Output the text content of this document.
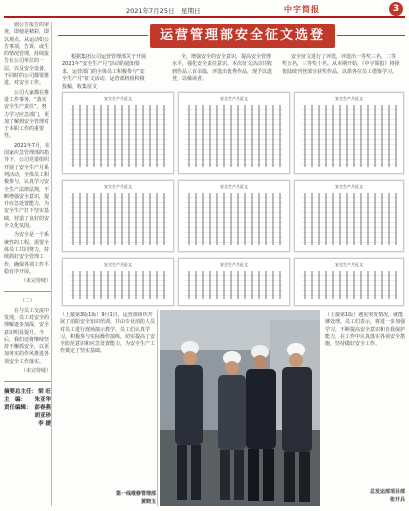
2021年7月25日　星期日	中宇简报	3

剧公告报告的审查，即使是精彩，即以观点，从运动如公告事项，告诉，或生的情况管理，持续报告在公司单位的一层，以及安全设备，不同时的公司都要推进，对安全工作。

公司大家都在推进工作事务，“落实安全生产责任”，努力学习应急部门，更加了解到安全管理对于本职工作的重要性。

2021年7月，在国家应急管理部的指导下，公司党委组织开展了安全生产月系列活动，全体员工积极参与，认真学习安全生产法律法规，不断增强安全意识，提升应急处置能力，为安全生产打下坚实基础，营造了良好的安全文化氛围。

为安全是一个系统性的工程，需要全体员工共同努力，持续抓好安全管理工作，确保各项工作平稳有序开展。

（未完待续）
（二）

在与员工交流中发现，员工对安全的理解逐步加深，安全意识明显提升。今后，我们还将继续坚持不懈抓安全，以更加务实的作风推进各项安全工作落实。

（未完待续）
摘要总主任： 梁 旺
主　编： 朱亚华
责任编辑： 彭春燕
胡亚珍
李 捷
运营管理部安全征文选登
根据集团公司运营管理部关于开展2021年“安全生产月”活动的通知要求，运营部门的全体员工积极参与“安全生产月”征文活动，运营部机组积极投稿，收集征文
全，增强安全的安全意识，提高安全管理水平，强化安全责任意识。本次征文活动共收到作品三百余篇，评选出优秀作品，现予以选登，以飨读者。
安全征文进行了评选，评选出一等奖三名，二等奖五名，三等奖十名。从本期开始，《中宇简报》将择优陆续刊登部分获奖作品，以供各位员工借鉴学习。
安全生产月征文	安全生产月征文	安全生产月征文
安全生产月征文	安全生产月征文	安全生产月征文
安全生产月征文	安全生产月征文	安全生产月征文
（上接第3版1版）9月1日，运营部组织开展了消防安全知识培训，并由专业消防人员对员工进行现场演示教学，员工们认真学习，积极参与实际操作演练，切实提高了安全防范意识和应急处置能力，为安全生产工作奠定了坚实基础。
第一线维修管理部
黄晓玉
（上接第1版）遇见突发情况，就能够处理。员工们表示，将进一步加强学习，不断提高安全意识和自我保护能力，在工作中认真落实各项安全措施，坚持做好安全工作。
总发运部项目部
张开兵
